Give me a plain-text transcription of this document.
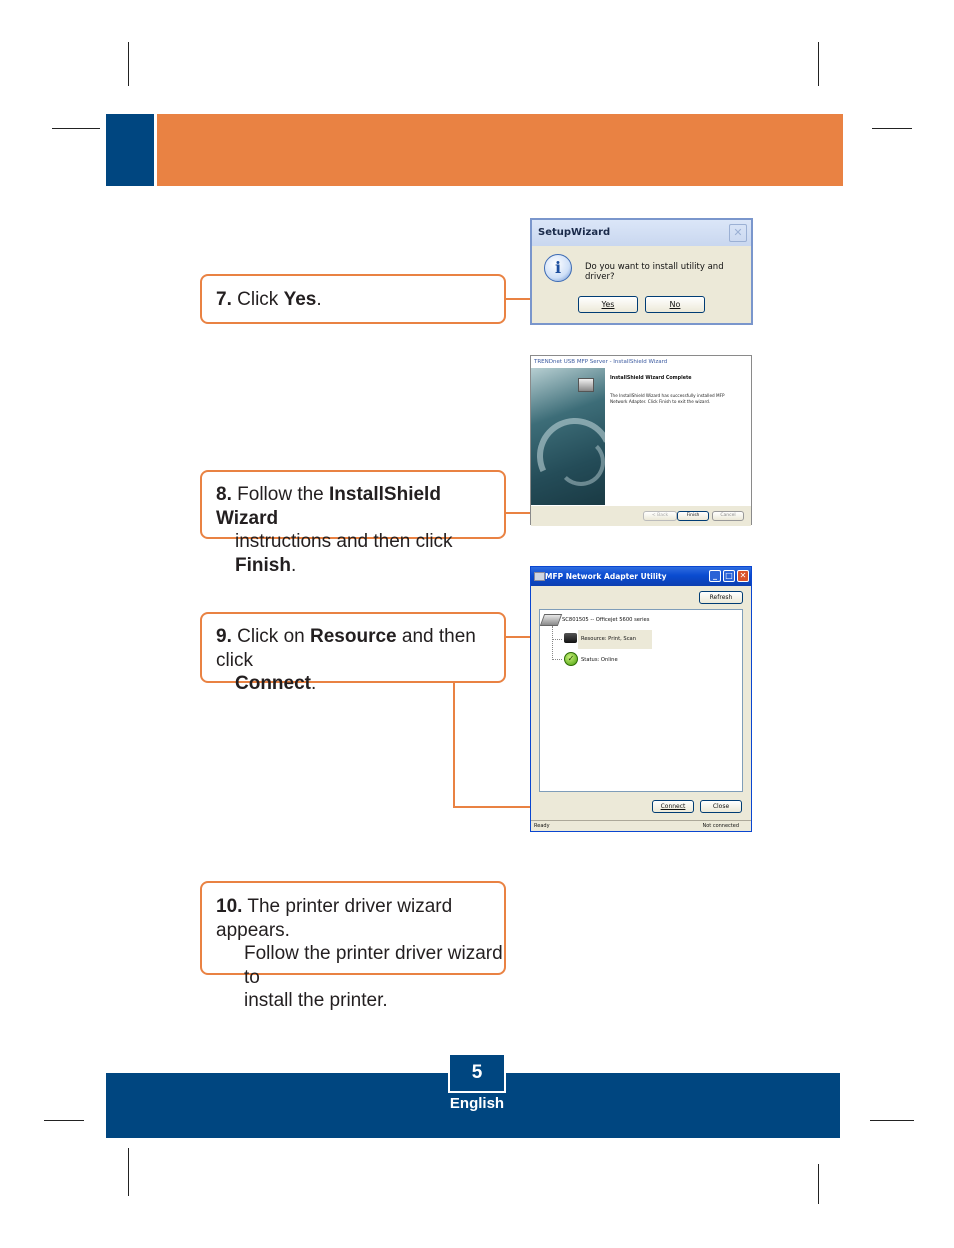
7. Click Yes.
8. Follow the InstallShield Wizard
instructions and then click Finish.
9. Click on Resource and then click
Connect.
10. The printer driver wizard appears.
Follow the printer driver wizard to
install the printer.
SetupWizard	✕
i	Do you want to install utility and driver?
Yes	No
TRENDnet USB MFP Server - InstallShield Wizard
InstallShield Wizard Complete
The InstallShield Wizard has successfully installed MFP Network Adapter. Click Finish to exit the wizard.
< Back	Finish	Cancel
MFP Network Adapter Utility	_	□ ✕
Refresh
SC801505 -- Officejet 5600 series
Resource: Print, Scan
✓	Status: Online
Connect	Close
Ready	Not connected
5
English
